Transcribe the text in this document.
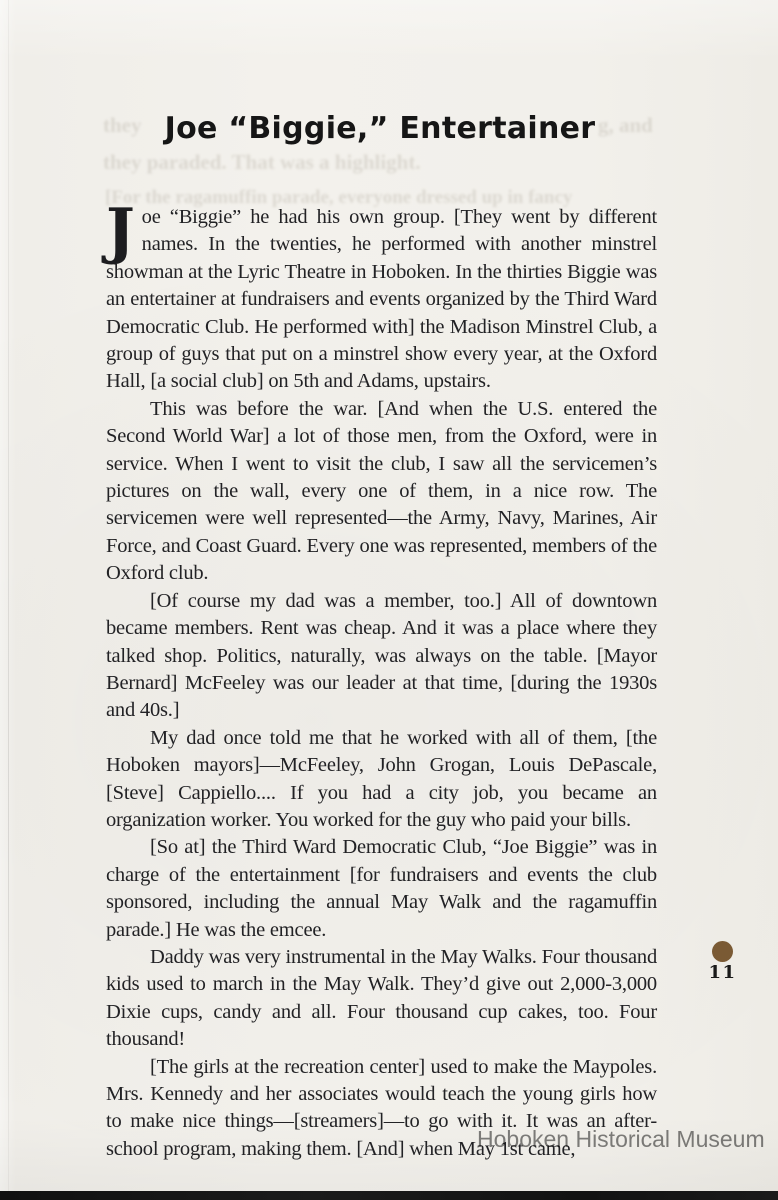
they	g, and
they paraded. That was a highlight.
[For the ragamuffin parade, everyone dressed up in fancy
Joe “Biggie,” Entertainer

Joe “Biggie” he had his own group. [They went by different names. In the twenties, he performed with another minstrel showman at the Lyric Theatre in Hoboken. In the thirties Biggie was an entertainer at fundraisers and events organized by the Third Ward Democratic Club. He performed with] the Madison Minstrel Club, a group of guys that put on a minstrel show every year, at the Oxford Hall, [a social club] on 5th and Adams, upstairs.

This was before the war. [And when the U.S. entered the Second World War] a lot of those men, from the Oxford, were in service. When I went to visit the club, I saw all the servicemen’s pictures on the wall, every one of them, in a nice row. The servicemen were well represented—the Army, Navy, Marines, Air Force, and Coast Guard. Every one was represented, members of the Oxford club.

[Of course my dad was a member, too.] All of downtown became members. Rent was cheap. And it was a place where they talked shop. Politics, naturally, was always on the table. [Mayor Bernard] McFeeley was our leader at that time, [during the 1930s and 40s.]

My dad once told me that he worked with all of them, [the Hoboken mayors]—McFeeley, John Grogan, Louis DePascale, [Steve] Cappiello.... If you had a city job, you became an organization worker. You worked for the guy who paid your bills.

[So at] the Third Ward Democratic Club, “Joe Biggie” was in charge of the entertainment [for fundraisers and events the club sponsored, including the annual May Walk and the ragamuffin parade.] He was the emcee.

Daddy was very instrumental in the May Walks. Four thousand kids used to march in the May Walk. They’d give out 2,000-3,000 Dixie cups, candy and all. Four thousand cup cakes, too. Four thousand!

[The girls at the recreation center] used to make the Maypoles. Mrs. Kennedy and her associates would teach the young girls how to make nice things—[streamers]—to go with it. It was an after-school program, making them. [And] when May 1st came,

11
Hoboken Historical Museum
